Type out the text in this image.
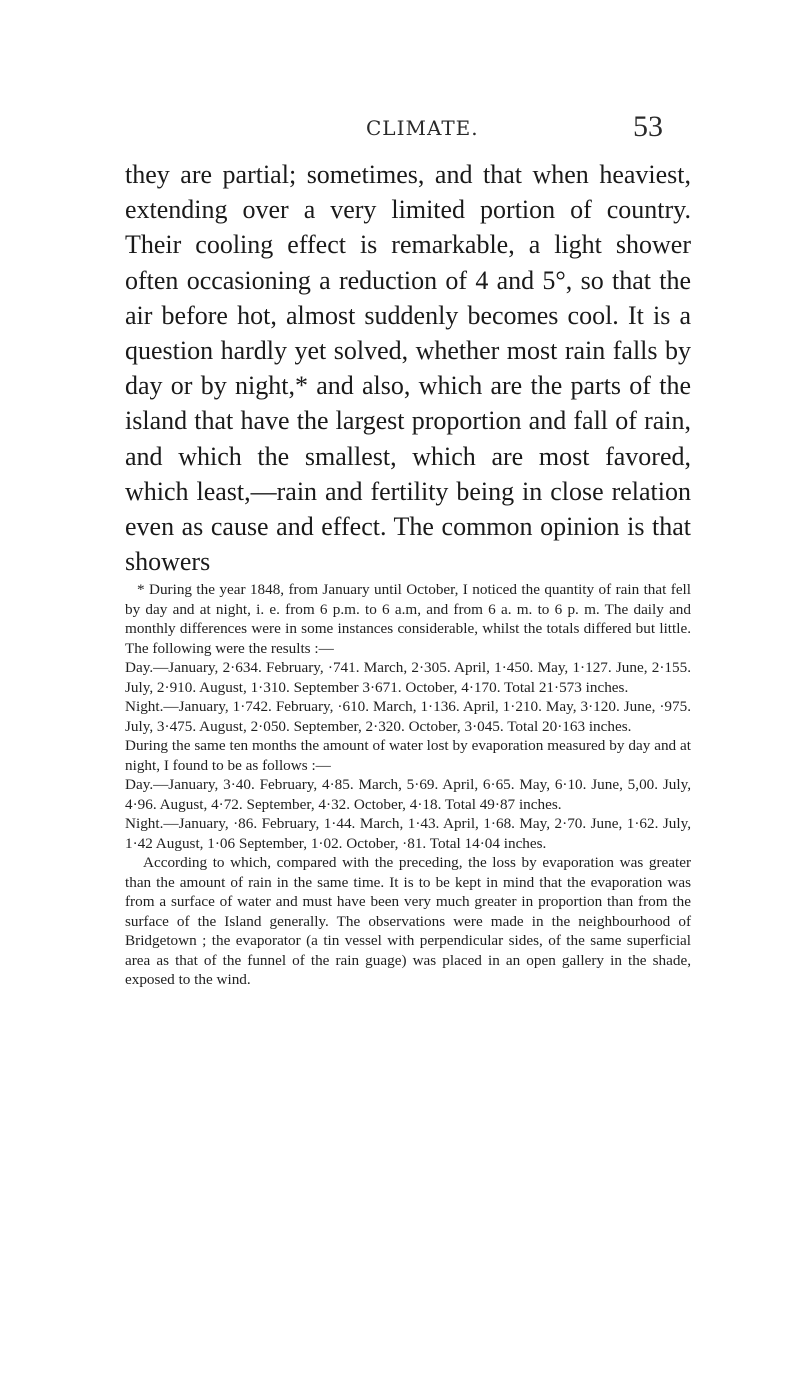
CLIMATE.	53

they are partial; sometimes, and that when heaviest, extending over a very limited portion of country. Their cooling effect is remarkable, a light shower often occasioning a reduction of 4 and 5°, so that the air before hot, almost suddenly becomes cool. It is a question hardly yet solved, whether most rain falls by day or by night,* and also, which are the parts of the island that have the largest proportion and fall of rain, and which the smallest, which are most favored, which least,—rain and fertility being in close relation even as cause and effect. The common opinion is that showers

* During the year 1848, from January until October, I noticed the quantity of rain that fell by day and at night, i. e. from 6 p.m. to 6 a.m, and from 6 a. m. to 6 p. m. The daily and monthly differences were in some instances considerable, whilst the totals differed but little. The following were the results :—

Day.—January, 2·634. February, ·741. March, 2·305. April, 1·450. May, 1·127. June, 2·155. July, 2·910. August, 1·310. September 3·671. October, 4·170. Total 21·573 inches.

Night.—January, 1·742. February, ·610. March, 1·136. April, 1·210. May, 3·120. June, ·975. July, 3·475. August, 2·050. September, 2·320. October, 3·045. Total 20·163 inches.

During the same ten months the amount of water lost by evaporation measured by day and at night, I found to be as follows :—

Day.—January, 3·40. February, 4·85. March, 5·69. April, 6·65. May, 6·10. June, 5,00. July, 4·96. August, 4·72. September, 4·32. October, 4·18. Total 49·87 inches.

Night.—January, ·86. February, 1·44. March, 1·43. April, 1·68. May, 2·70. June, 1·62. July, 1·42 August, 1·06 September, 1·02. October, ·81. Total 14·04 inches.

According to which, compared with the preceding, the loss by evaporation was greater than the amount of rain in the same time. It is to be kept in mind that the evaporation was from a surface of water and must have been very much greater in proportion than from the surface of the Island generally. The observations were made in the neighbourhood of Bridgetown ; the evaporator (a tin vessel with perpendicular sides, of the same superficial area as that of the funnel of the rain guage) was placed in an open gallery in the shade, exposed to the wind.
